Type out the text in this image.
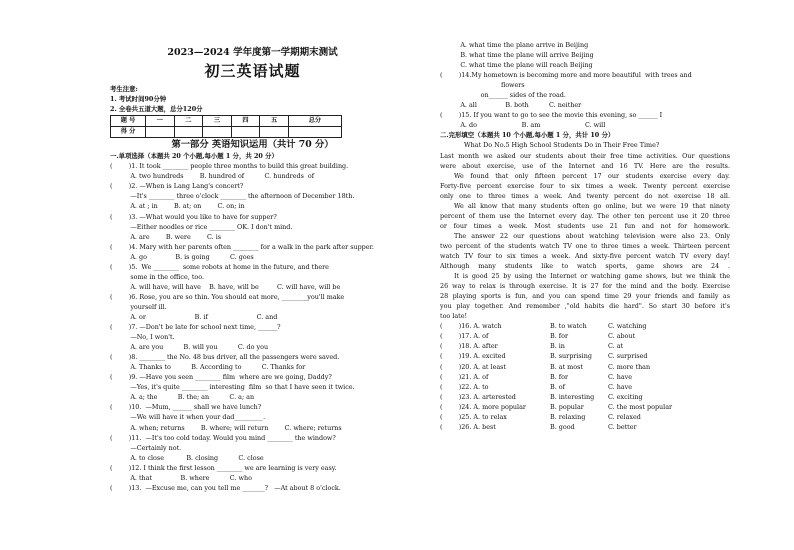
2023—2024 学年度第一学期期末测试
初三英语试题
考生注意:
1. 考试时间90分钟
2. 全卷共五道大题，总分120分
题 号	一	二	三	四	五	总分
得 分						
第一部分 英语知识运用（共计 70 分）
一.单项选择（本题共 20 个小题,每小题 1 分，共 20 分）
(        )1. It took ________ people three months to build this great building.
A. two hundreds        B. hundred of          C. hundreds  of
(        )2. —When is Lang Lang's concert?
—It's ________ three o'clock ________ the afternoon of December 18th.
A. at ; in        B. at; on        C. on; in
(        )3. —What would you like to have for supper?
—Either noodles or rice ________ OK. I don't mind.
A. are        B. were        C. is
(        )4. Mary with her parents often ________ for a walk in the park after supper.
A. go              B. is going          C. goes
(        )5.  We ________  some robots at home in the future, and there
some in the office, too.
A. will have, will have    B. have, will be         C. will have, will be
(        )6. Rose, you are so thin. You should eat more, ________you'll make
yourself ill.
A. or                        B. if                        C. and
(        )7. —Don't be late for school next time, ______?
—No, I won't.
A. are you          B. will you          C. do you
(        )8. ________ the No. 48 bus driver, all the passengers were saved.
A. Thanks to          B. According to          C. Thanks for
(        )9. —Have you seen ________ film  where are we going, Daddy?
—Yes, it's quite ________ interesting  film  so that I have seen it twice.
A. a; the          B. the; an          C. a; an
(        )10.  —Mum, ______ shall we have lunch?
—We will have it when your dad_________.
A. when; returns        B. where; will return        C. where; returns
(        )11.  —It's too cold today. Would you mind ________ the window?
—Certainly not.
A. to close           B. closing          C. close
(        )12. I think the first lesson ________ we are learning is very easy.
A. that              B. where          C. who
(        )13.  —Excuse me, can you tell me _______?   —At about 8 o'clock.
A. what time the plane arrive in Beijing
B. what time the plane will arrive Beijing
C. what time the plane will reach Beijing
(        )14.My hometown is becoming more and more beautiful  with trees and
flowers
on______ sides of the road.
A. all              B. both          C. neither
(        )15. If you want to go to see the movie this evening, so ______ I
A. do                      B. am                      C. will
二.完形填空（本题共 10 个小题,每小题 1 分，共计 10 分）
What Do No.5 High School Students Do in Their Free Time?
Last month we asked our students about their free time activities. Our questions
were about exercise, use of the Internet and 16 TV. Here are the results.
We found that only fifteen percent 17 our students exercise every day.
Forty-five percent exercise four to six times a week. Twenty percent exercise
only one to three times a week. And twenty percent do not exercise 18 all.
We all know that many students often go online, but we were 19 that ninety
percent of them use the Internet every day. The other ten percent use it 20 three
or four times a week. Most students use 21 fun and not for homework.
The answer 22 our questions about watching television were also 23. Only
two percent of the students watch TV one to three times a week. Thirteen percent
watch TV four to six times a week. And sixty-five percent watch TV every day!
Although many students like to watch sports, game shows are 24 .
It is good 25 by using the Internet or watching game shows, but we think the
26 way to relax is through exercise. It is 27 for the mind and the body. Exercise
28 playing sports is fun, and you can spend time 29 your friends and family as
you play together. And remember ,"old habits die hard". So start 30 before it's
too late!
(        )16. A. watch	B. to watch	C. watching
(        )17. A. of	B. for	C. about
(        )18. A. after	B. in	C. at
(        )19. A. excited	B. surprising	C. surprised
(        )20. A. at least	B. at most	C. more than
(        )21. A. of	B. for	C. have
(        )22. A. to	B. of	C. have
(        )23. A. arterested	B. interesting C. exciting
(        )24. A. more popular	B. popular	C. the most popular
(        )25. A. to relax	B. relaxing	C. relaxed
(        )26. A. best	B. good	C. better
